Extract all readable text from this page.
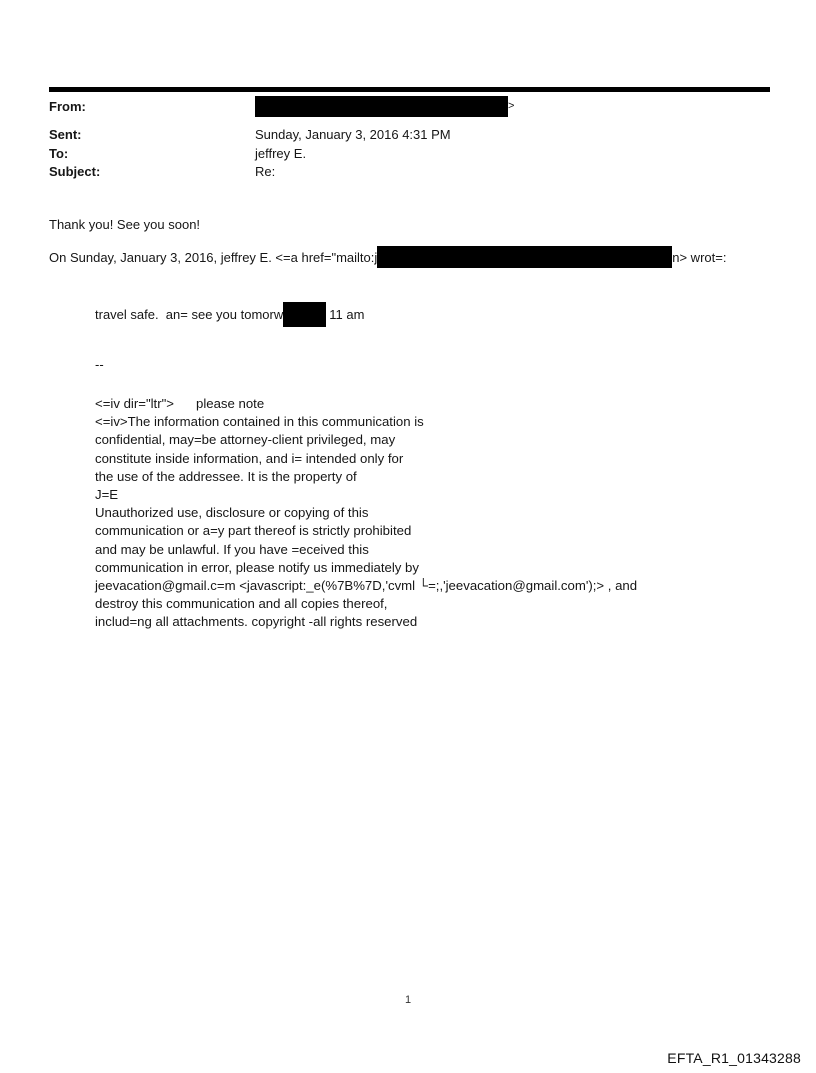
From:	>
Sent:	Sunday, January 3, 2016 4:31 PM
To:	jeffrey E.
Subject:	Re:
Thank you! See you soon!
On Sunday, January 3, 2016, jeffrey E. <=a href="mailto:j	n> wrot=:
travel safe.  an= see you tomorw	11 am
--
<=iv dir="ltr">      please note
<=iv>The information contained in this communication is
confidential, may=be attorney-client privileged, may
constitute inside information, and i= intended only for
the use of the addressee. It is the property of
J=E
Unauthorized use, disclosure or copying of this
communication or a=y part thereof is strictly prohibited
and may be unlawful. If you have =eceived this
communication in error, please notify us immediately by
jeevacation@gmail.c=m <javascript:_e(%7B%7D,'cvml └=;,'jeevacation@gmail.com');> , and
destroy this communication and all copies thereof,
includ=ng all attachments. copyright -all rights reserved
1
EFTA_R1_01343288
